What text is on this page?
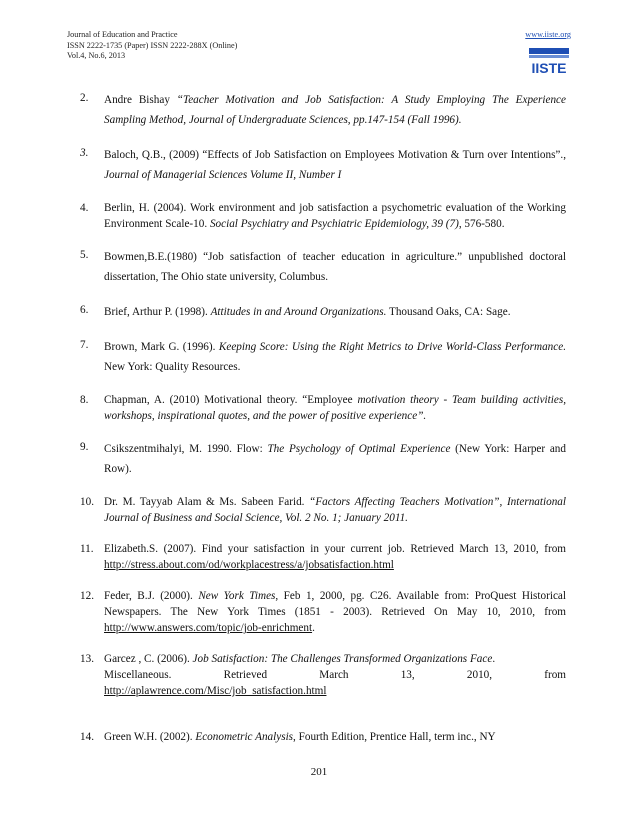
Journal of Education and Practice
ISSN 2222-1735 (Paper) ISSN 2222-288X (Online)
Vol.4, No.6, 2013
www.iiste.org
IISTE
2.	Andre Bishay “Teacher Motivation and Job Satisfaction: A Study Employing The Experience Sampling Method, Journal of Undergraduate Sciences, pp.147-154 (Fall 1996).
3.	Baloch, Q.B., (2009) “Effects of Job Satisfaction on Employees Motivation & Turn over Intentions”., Journal of Managerial Sciences Volume II, Number I
4.	Berlin, H. (2004). Work environment and job satisfaction a psychometric evaluation of the Working Environment Scale-10. Social Psychiatry and Psychiatric Epidemiology, 39 (7), 576-580.
5.	Bowmen,B.E.(1980) “Job satisfaction of teacher education in agriculture.” unpublished doctoral dissertation, The Ohio state university, Columbus.
6.	Brief, Arthur P. (1998). Attitudes in and Around Organizations. Thousand Oaks, CA: Sage.
7.	Brown, Mark G. (1996). Keeping Score: Using the Right Metrics to Drive World-Class Performance. New York: Quality Resources.
8.	Chapman, A. (2010) Motivational theory. “Employee motivation theory - Team building activities, workshops, inspirational quotes, and the power of positive experience”.
9.	Csikszentmihalyi, M. 1990. Flow: The Psychology of Optimal Experience (New York: Harper and Row).
10. Dr. M. Tayyab Alam & Ms. Sabeen Farid. “Factors Affecting Teachers Motivation”, International Journal of Business and Social Science, Vol. 2 No. 1; January 2011.
11. Elizabeth.S. (2007). Find your satisfaction in your current job. Retrieved March 13, 2010, from http://stress.about.com/od/workplacestress/a/jobsatisfaction.html
12. Feder, B.J. (2000). New York Times, Feb 1, 2000, pg. C26. Available from: ProQuest Historical Newspapers. The New York Times (1851 - 2003). Retrieved On May 10, 2010, from http://www.answers.com/topic/job-enrichment.
13. Garcez , C. (2006). Job Satisfaction: The Challenges Transformed Organizations Face.
Miscellaneous.          Retrieved          March          13,          2010,          from
http://aplawrence.com/Misc/job_satisfaction.html
14. Green W.H. (2002). Econometric Analysis, Fourth Edition, Prentice Hall, term inc., NY
201
